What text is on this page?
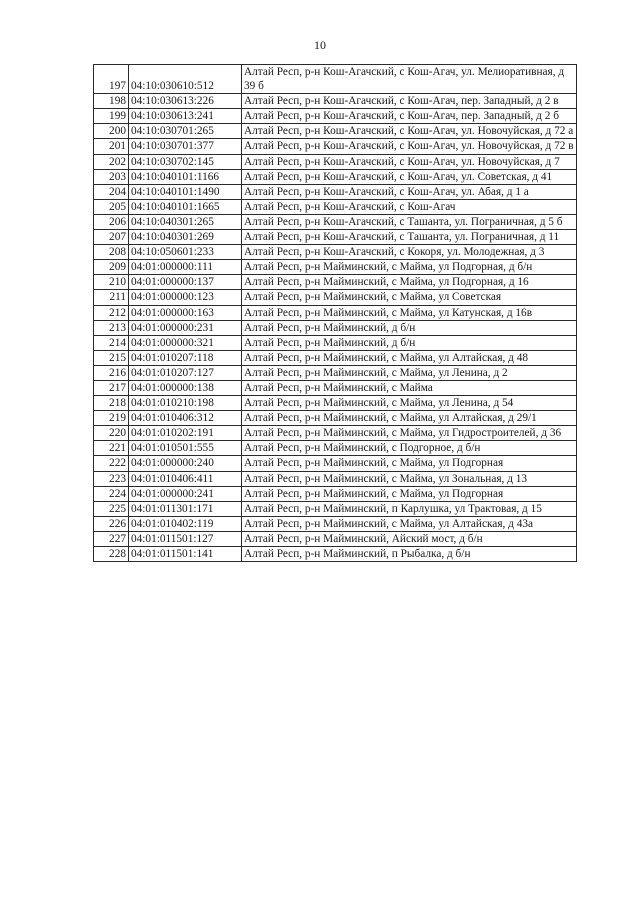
10
197	04:10:030610:512	Алтай Респ, р-н Кош-Агачский, с Кош-Агач, ул. Мелиоративная, д 39 б
198	04:10:030613:226	Алтай Респ, р-н Кош-Агачский, с Кош-Агач, пер. Западный, д 2 в
199	04:10:030613:241	Алтай Респ, р-н Кош-Агачский, с Кош-Агач, пер. Западный, д 2 б
200	04:10:030701:265	Алтай Респ, р-н Кош-Агачский, с Кош-Агач, ул. Новочуйская, д 72 а
201	04:10:030701:377	Алтай Респ, р-н Кош-Агачский, с Кош-Агач, ул. Новочуйская, д 72 в
202	04:10:030702:145	Алтай Респ, р-н Кош-Агачский, с Кош-Агач, ул. Новочуйская, д 7
203	04:10:040101:1166	Алтай Респ, р-н Кош-Агачский, с Кош-Агач, ул. Советская, д 41
204	04:10:040101:1490	Алтай Респ, р-н Кош-Агачский, с Кош-Агач, ул. Абая, д 1 а
205	04:10:040101:1665	Алтай Респ, р-н Кош-Агачский, с Кош-Агач
206	04:10:040301:265	Алтай Респ, р-н Кош-Агачский, с Ташанта, ул. Пограничная, д 5 б
207	04:10:040301:269	Алтай Респ, р-н Кош-Агачский, с Ташанта, ул. Пограничная, д 11
208	04:10:050601:233	Алтай Респ, р-н Кош-Агачский, с Кокоря, ул. Молодежная, д 3
209	04:01:000000:111	Алтай Респ, р-н Майминский, с Майма, ул Подгорная, д б/н
210	04:01:000000:137	Алтай Респ, р-н Майминский, с Майма, ул Подгорная, д 16
211	04:01:000000:123	Алтай Респ, р-н Майминский, с Майма, ул Советская
212	04:01:000000:163	Алтай Респ, р-н Майминский, с Майма, ул Катунская, д 16в
213	04:01:000000:231	Алтай Респ, р-н Майминский, д б/н
214	04:01:000000:321	Алтай Респ, р-н Майминский, д б/н
215	04:01:010207:118	Алтай Респ, р-н Майминский, с Майма, ул Алтайская, д 48
216	04:01:010207:127	Алтай Респ, р-н Майминский, с Майма, ул Ленина, д 2
217	04:01:000000:138	Алтай Респ, р-н Майминский, с Майма
218	04:01:010210:198	Алтай Респ, р-н Майминский, с Майма, ул Ленина, д 54
219	04:01:010406:312	Алтай Респ, р-н Майминский, с Майма, ул Алтайская, д 29/1
220	04:01:010202:191	Алтай Респ, р-н Майминский, с Майма, ул Гидростроителей, д 36
221	04:01:010501:555	Алтай Респ, р-н Майминский, с Подгорное, д б/н
222	04:01:000000:240	Алтай Респ, р-н Майминский, с Майма, ул Подгорная
223	04:01:010406:411	Алтай Респ, р-н Майминский, с Майма, ул Зональная, д 13
224	04:01:000000:241	Алтай Респ, р-н Майминский, с Майма, ул Подгорная
225	04:01:011301:171	Алтай Респ, р-н Майминский, п Карлушка, ул Трактовая, д 15
226	04:01:010402:119	Алтай Респ, р-н Майминский, с Майма, ул Алтайская, д 43а
227	04:01:011501:127	Алтай Респ, р-н Майминский, Айский мост, д б/н
228	04:01:011501:141	Алтай Респ, р-н Майминский, п Рыбалка, д б/н
